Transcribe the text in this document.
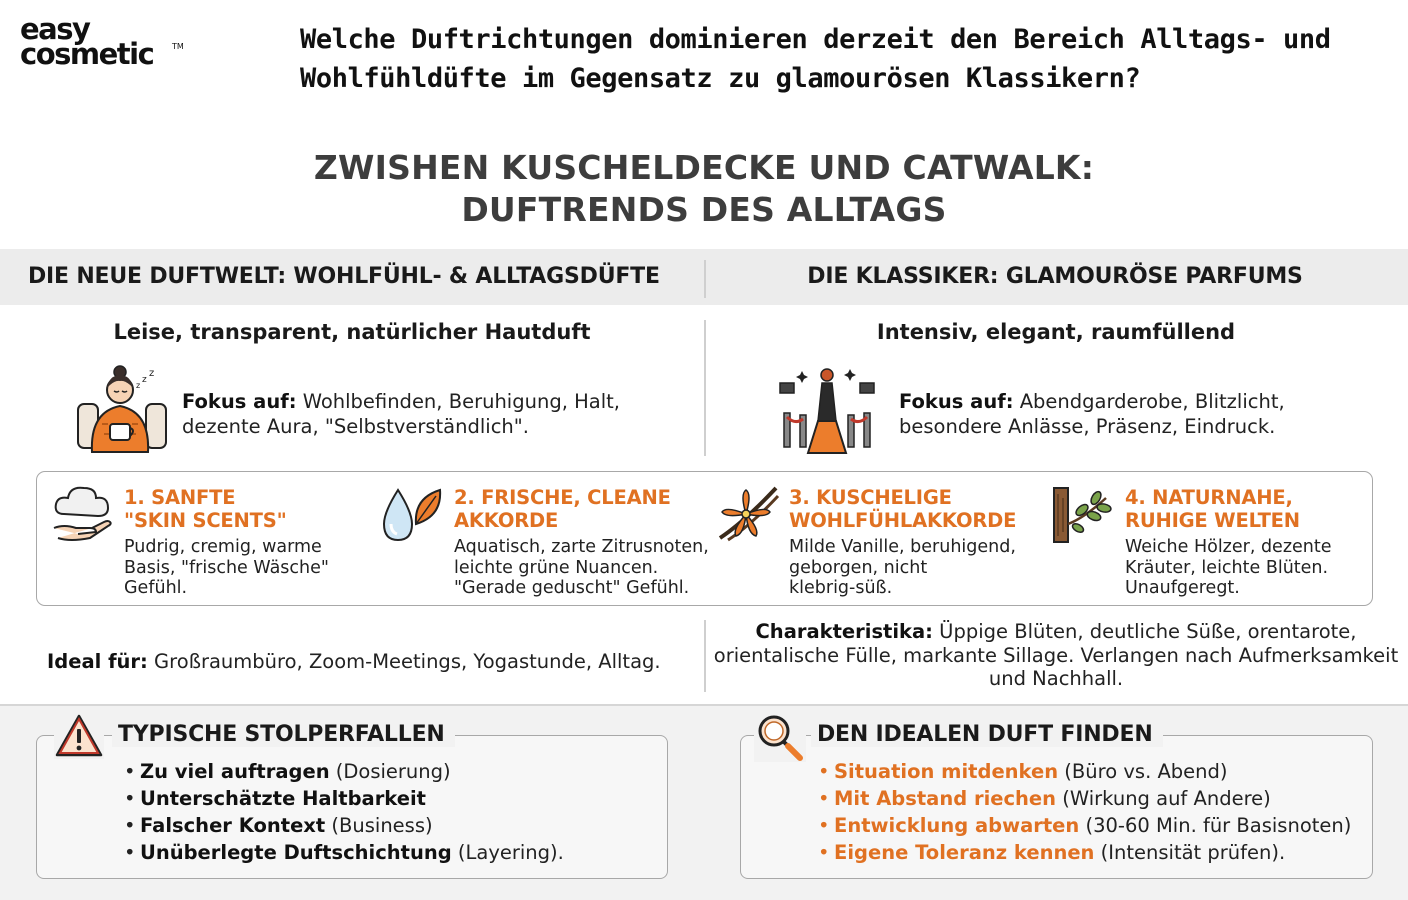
easy
cosmetic TM	Welche Duftrichtungen dominieren derzeit den Bereich Alltags- und Wohlfühldüfte im Gegensatz zu glamourösen Klassikern?
ZWISHEN KUSCHELDECKE UND CATWALK:
DUFTRENDS DES ALLTAGS
DIE NEUE DUFTWELT: WOHLFÜHL- & ALLTAGSDÜFTE	DIE KLASSIKER: GLAMOURÖSE PARFUMS
Leise, transparent, natürlicher Hautduft	Intensiv, elegant, raumfüllend
z
z
z
Fokus auf: Wohlbefinden, Beruhigung, Halt, dezente Aura, "Selbstverständlich".
Fokus auf: Abendgarderobe, Blitzlicht, besondere Anlässe, Präsenz, Eindruck.
1. SANFTE
"SKIN SCENTS"
Pudrig, cremig, warme
Basis, "frische Wäsche"
Gefühl.
2. FRISCHE, CLEANE
AKKORDE
Aquatisch, zarte Zitrusnoten,
leichte grüne Nuancen.
"Gerade geduscht" Gefühl.
3. KUSCHELIGE
WOHLFÜHLAKKORDE
Milde Vanille, beruhigend,
geborgen, nicht
klebrig-süß.
4. NATURNAHE,
RUHIGE WELTEN
Weiche Hölzer, dezente
Kräuter, leichte Blüten.
Unaufgeregt.
Ideal für: Großraumbüro, Zoom-Meetings, Yogastunde, Alltag.
Charakteristika: Üppige Blüten, deutliche Süße, orentarote, orientalische Fülle, markante Sillage. Verlangen nach Aufmerksamkeit und Nachhall.
TYPISCHE STOLPERFALLEN
• Zu viel auftragen (Dosierung)
• Unterschätzte Haltbarkeit
• Falscher Kontext (Business)
• Unüberlegte Duftschichtung (Layering).
DEN IDEALEN DUFT FINDEN
• Situation mitdenken (Büro vs. Abend)
• Mit Abstand riechen (Wirkung auf Andere)
• Entwicklung abwarten (30-60 Min. für Basisnoten)
• Eigene Toleranz kennen (Intensität prüfen).
